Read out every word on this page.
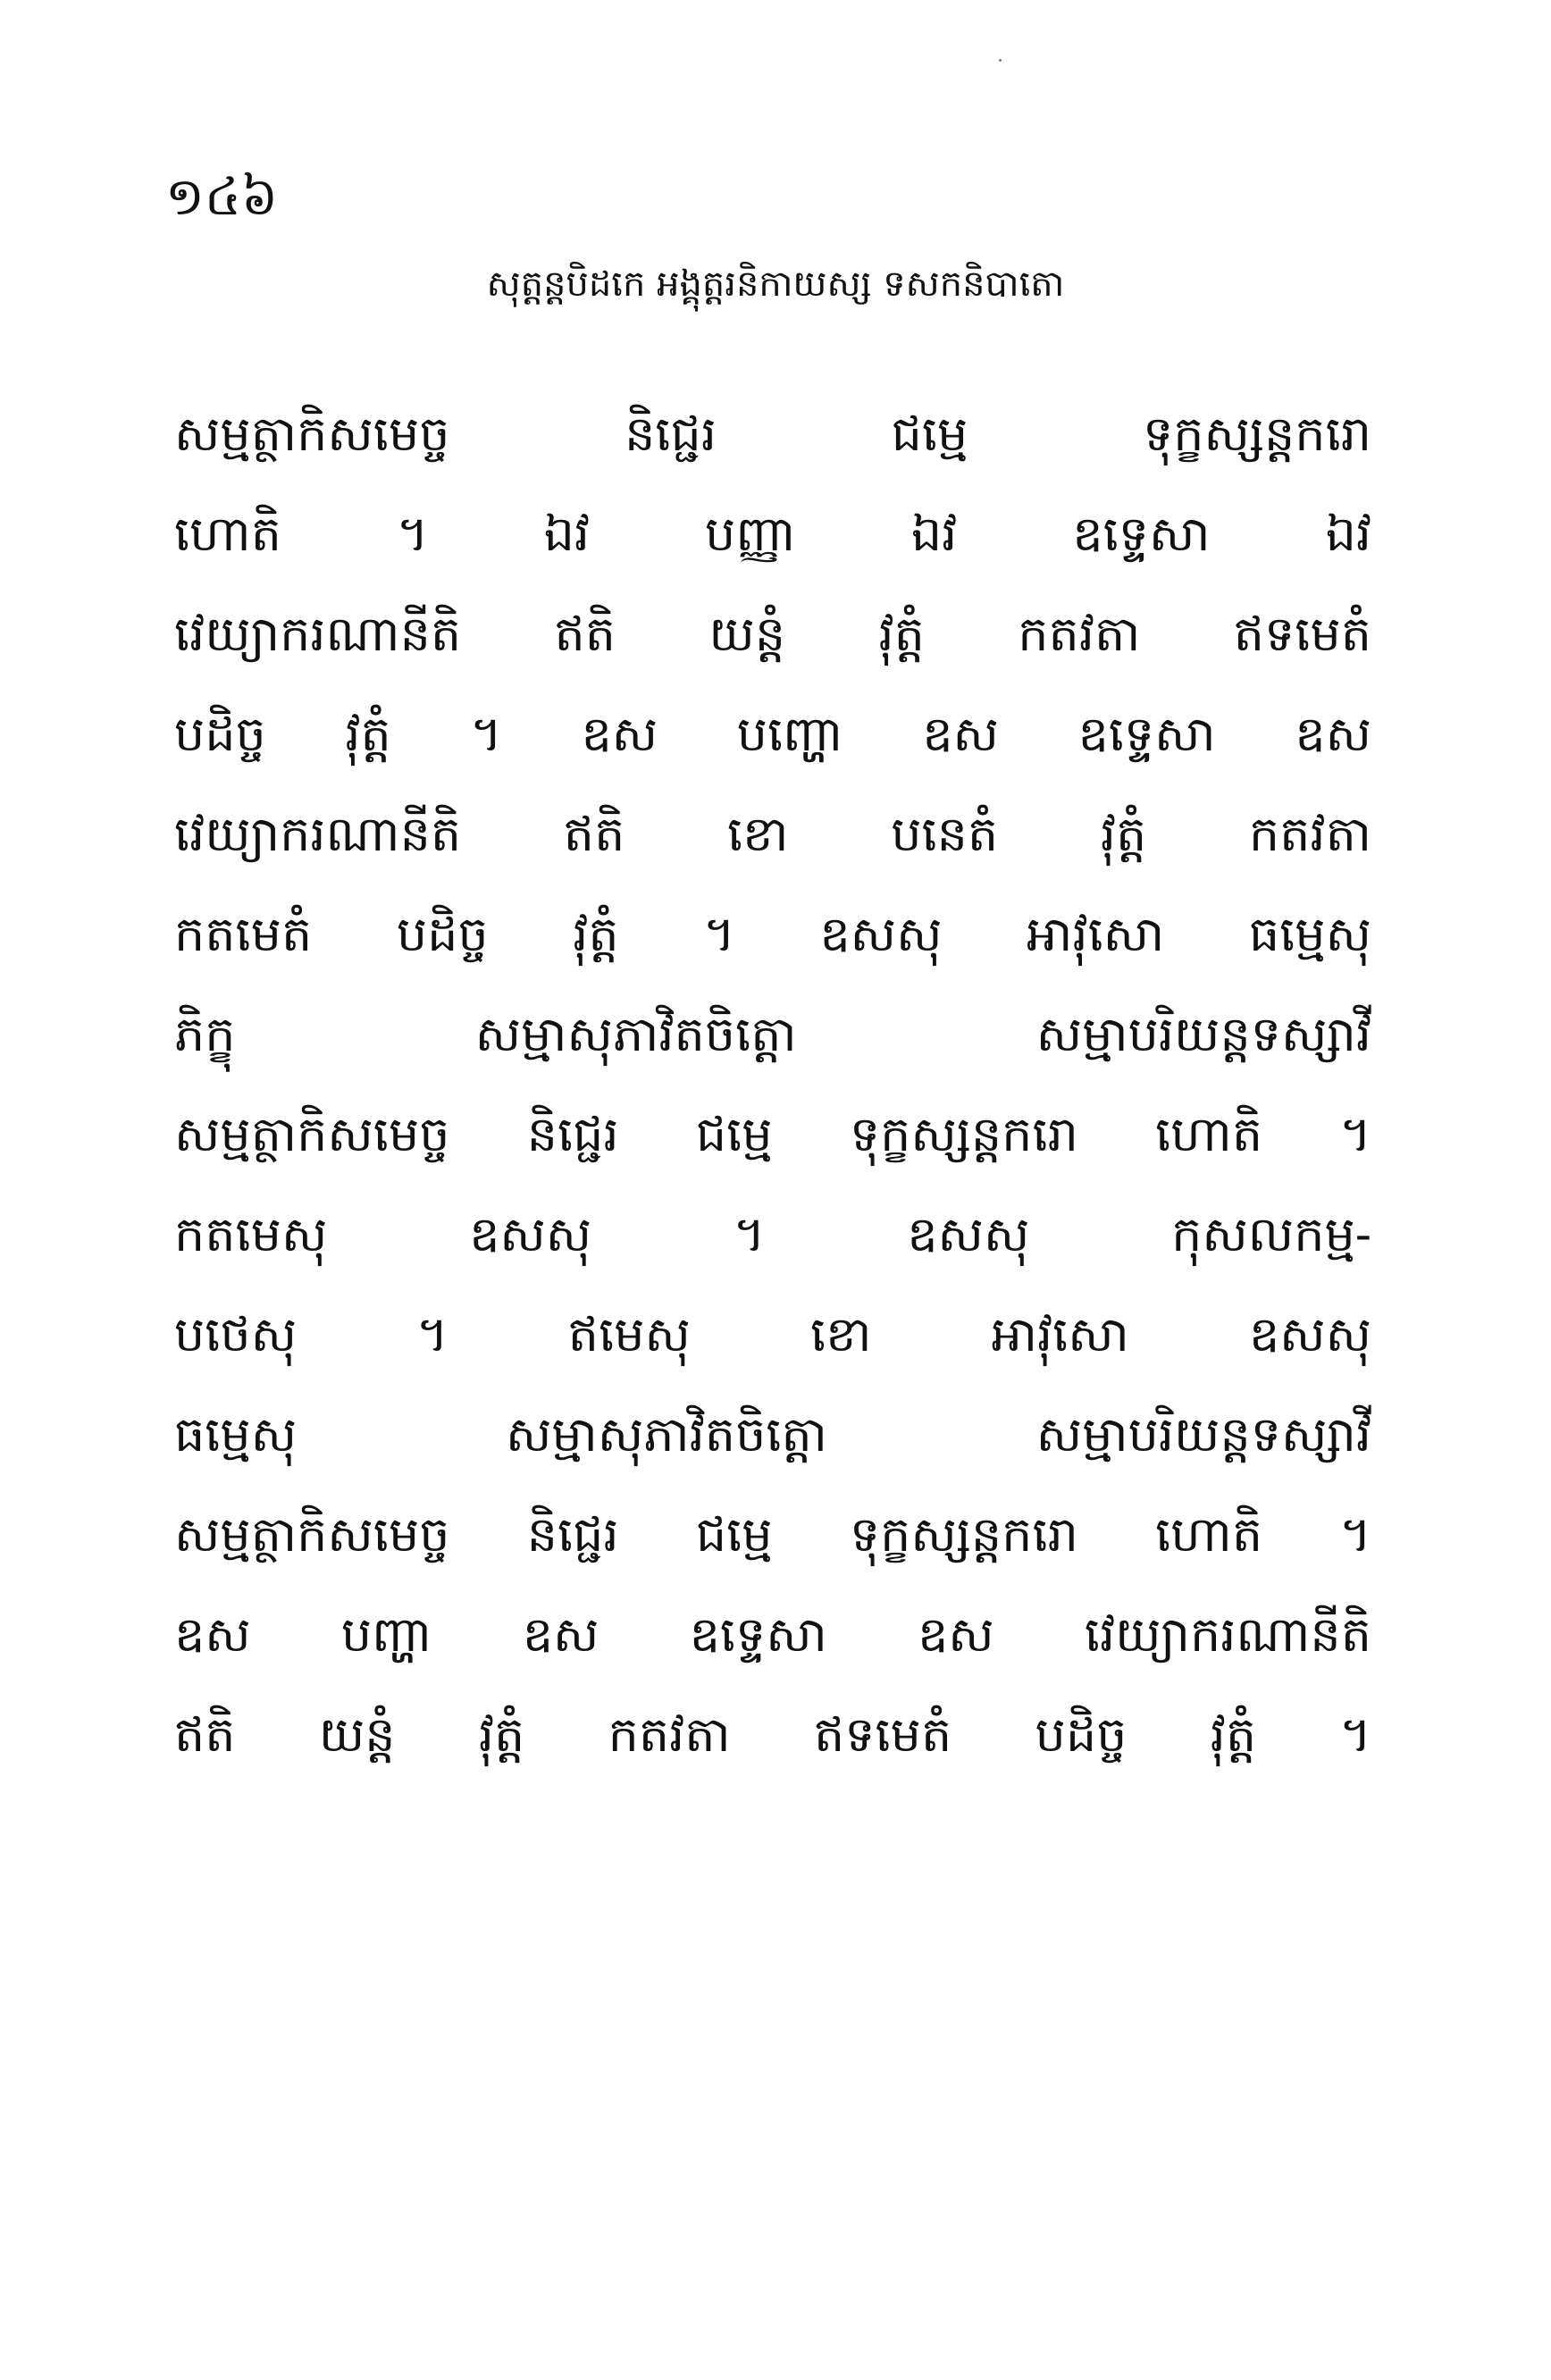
១៤៦
សុត្តន្តបិដកេ អង្គុត្តរនិកាយស្ស ទសកនិបាតោ
សម្មត្ថាកិសមេច្ច និជ្ជេរ ជម្មេ ទុក្ខស្សន្តករោ
ហោតិ ។ ឯវ បញ្ញា ឯវ ឧទ្ទេសា ឯវ
វេយ្យាករណានីតិ ឥតិ យន្តំ វុត្តំ កតវតា ឥទមេតំ
បដិច្ច វុត្តំ ។ ឧស បញ្ហោ ឧស ឧទ្ទេសា ឧស
វេយ្យាករណានីតិ ឥតិ ខោ បនេតំ វុត្តំ កតវតា
កតមេតំ បដិច្ច វុត្តំ ។ ឧសសុ អាវុសោ ធម្មេសុ
ភិក្ខុ សម្មាសុភាវិតចិត្តោ សម្មាបរិយន្តទស្សាវី
សម្មត្ថាកិសមេច្ច និជ្ជេរ ជម្មេ ទុក្ខស្សន្តករោ ហោតិ ។
កតមេសុ ឧសសុ ។ ឧសសុ កុសលកម្ម-
បថេសុ ។ ឥមេសុ ខោ អាវុសោ ឧសសុ
ធម្មេសុ សម្មាសុភាវិតចិត្តោ សម្មាបរិយន្តទស្សាវី
សម្មត្ថាកិសមេច្ច និជ្ជេរ ជម្មេ ទុក្ខស្សន្តករោ ហោតិ ។
ឧស បញ្ហា ឧស ឧទ្ទេសា ឧស វេយ្យាករណានីតិ
ឥតិ យន្តំ វុត្តំ កតវតា ឥទមេតំ បដិច្ច វុត្តំ ។
